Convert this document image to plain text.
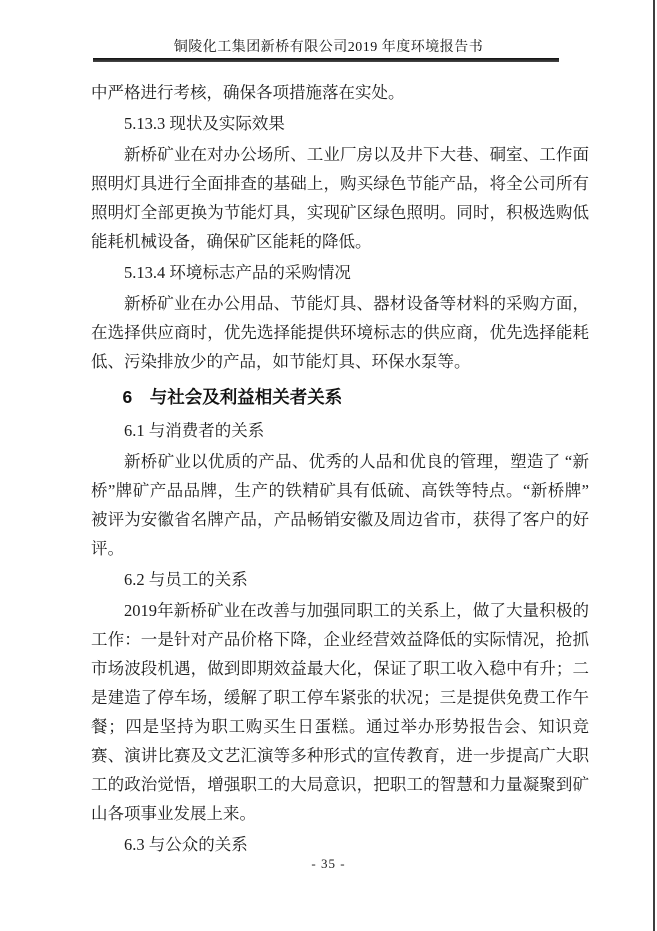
铜陵化工集团新桥有限公司2019 年度环境报告书

中严格进行考核，确保各项措施落在实处。

5.13.3 现状及实际效果

新桥矿业在对办公场所、工业厂房以及井下大巷、硐室、工作面照明灯具进行全面排查的基础上，购买绿色节能产品，将全公司所有照明灯全部更换为节能灯具，实现矿区绿色照明。同时，积极选购低能耗机械设备，确保矿区能耗的降低。

5.13.4 环境标志产品的采购情况

新桥矿业在办公用品、节能灯具、器材设备等材料的采购方面，在选择供应商时，优先选择能提供环境标志的供应商，优先选择能耗低、污染排放少的产品，如节能灯具、环保水泵等。

6　与社会及利益相关者关系

6.1 与消费者的关系

新桥矿业以优质的产品、优秀的人品和优良的管理，塑造了 “新桥”牌矿产品品牌，生产的铁精矿具有低硫、高铁等特点。“新桥牌”被评为安徽省名牌产品，产品畅销安徽及周边省市，获得了客户的好评。

6.2 与员工的关系

2019年新桥矿业在改善与加强同职工的关系上，做了大量积极的工作：一是针对产品价格下降，企业经营效益降低的实际情况，抢抓市场波段机遇，做到即期效益最大化，保证了职工收入稳中有升；二是建造了停车场，缓解了职工停车紧张的状况；三是提供免费工作午餐；四是坚持为职工购买生日蛋糕。通过举办形势报告会、知识竞赛、演讲比赛及文艺汇演等多种形式的宣传教育，进一步提高广大职工的政治觉悟，增强职工的大局意识，把职工的智慧和力量凝聚到矿山各项事业发展上来。

6.3 与公众的关系

- 35 -
